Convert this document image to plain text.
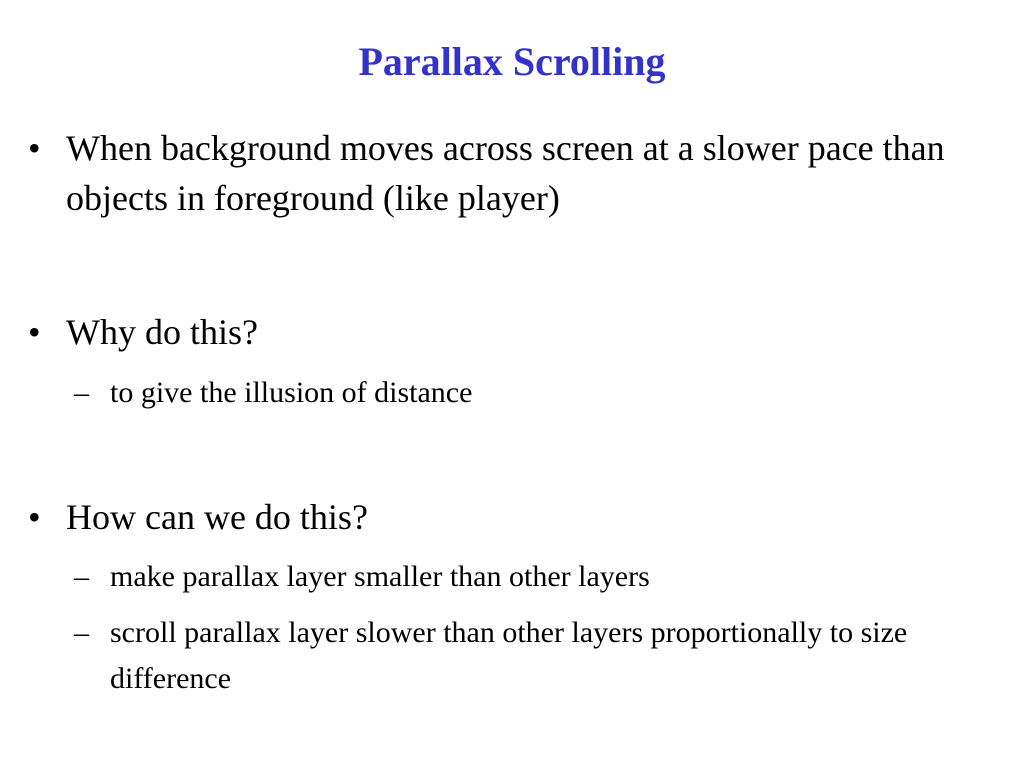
Parallax Scrolling
• When background moves across screen at a slower pace than objects in foreground (like player)
• Why do this?
– to give the illusion of distance
• How can we do this?
– make parallax layer smaller than other layers
– scroll parallax layer slower than other layers proportionally to size difference
